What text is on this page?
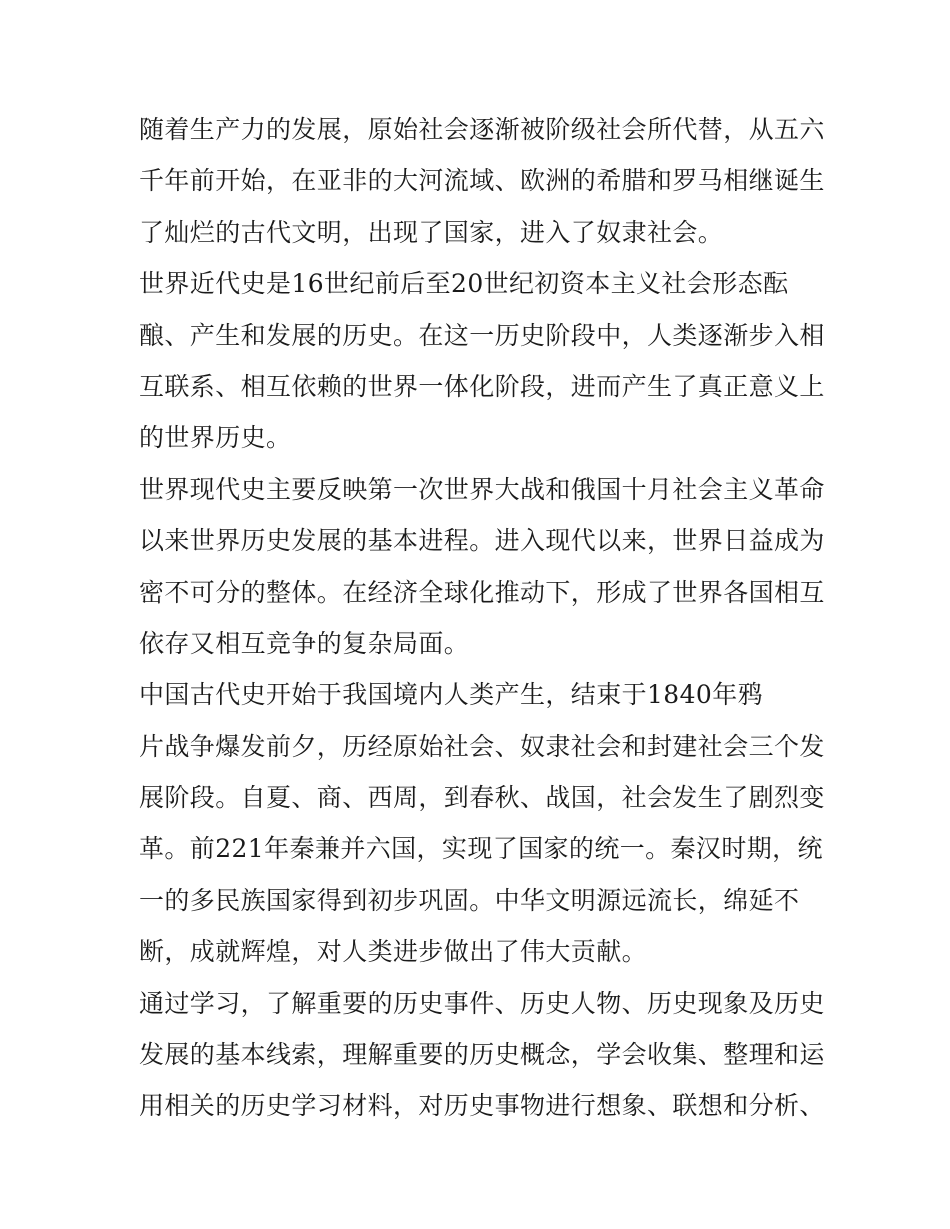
随着生产力的发展，原始社会逐渐被阶级社会所代替，从五六
千年前开始，在亚非的大河流域、欧洲的希腊和罗马相继诞生
了灿烂的古代文明，出现了国家，进入了奴隶社会。
世界近代史是16世纪前后至20世纪初资本主义社会形态酝
酿、产生和发展的历史。在这一历史阶段中，人类逐渐步入相
互联系、相互依赖的世界一体化阶段，进而产生了真正意义上
的世界历史。
世界现代史主要反映第一次世界大战和俄国十月社会主义革命
以来世界历史发展的基本进程。进入现代以来，世界日益成为
密不可分的整体。在经济全球化推动下，形成了世界各国相互
依存又相互竞争的复杂局面。
中国古代史开始于我国境内人类产生，结束于1840年鸦
片战争爆发前夕，历经原始社会、奴隶社会和封建社会三个发
展阶段。自夏、商、西周，到春秋、战国，社会发生了剧烈变
革。前221年秦兼并六国，实现了国家的统一。秦汉时期，统
一的多民族国家得到初步巩固。中华文明源远流长，绵延不
断，成就辉煌，对人类进步做出了伟大贡献。
通过学习，了解重要的历史事件、历史人物、历史现象及历史
发展的基本线索，理解重要的历史概念，学会收集、整理和运
用相关的历史学习材料，对历史事物进行想象、联想和分析、
